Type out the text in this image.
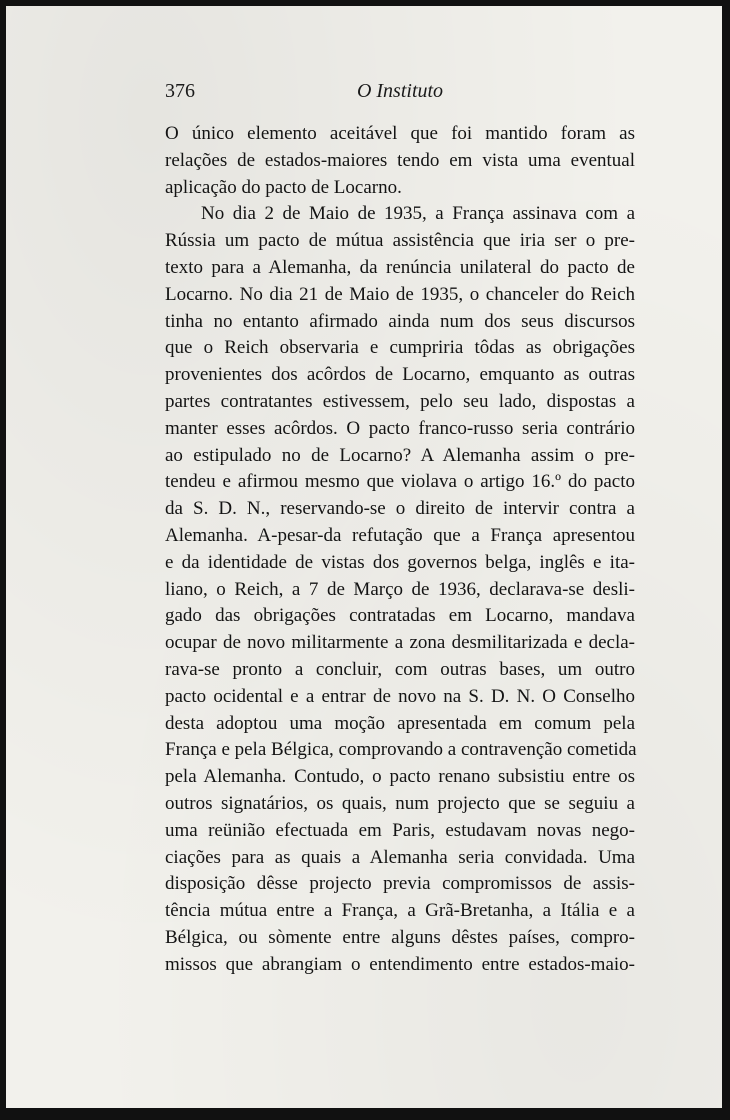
376	O Instituto
O único elemento aceitável que foi mantido foram as
relações de estados-maiores tendo em vista uma eventual
aplicação do pacto de Locarno.
No dia 2 de Maio de 1935, a França assinava com a
Rússia um pacto de mútua assistência que iria ser o pre-
texto para a Alemanha, da renúncia unilateral do pacto de
Locarno. No dia 21 de Maio de 1935, o chanceler do Reich
tinha no entanto afirmado ainda num dos seus discursos
que o Reich observaria e cumpriria tôdas as obrigações
provenientes dos acôrdos de Locarno, emquanto as outras
partes contratantes estivessem, pelo seu lado, dispostas a
manter esses acôrdos. O pacto franco-russo seria contrário
ao estipulado no de Locarno? A Alemanha assim o pre-
tendeu e afirmou mesmo que violava o artigo 16.º do pacto
da S. D. N., reservando-se o direito de intervir contra a
Alemanha. A-pesar-da refutação que a França apresentou
e da identidade de vistas dos governos belga, inglês e ita-
liano, o Reich, a 7 de Março de 1936, declarava-se desli-
gado das obrigações contratadas em Locarno, mandava
ocupar de novo militarmente a zona desmilitarizada e decla-
rava-se pronto a concluir, com outras bases, um outro
pacto ocidental e a entrar de novo na S. D. N. O Conselho
desta adoptou uma moção apresentada em comum pela
França e pela Bélgica, comprovando a contravenção cometida
pela Alemanha. Contudo, o pacto renano subsistiu entre os
outros signatários, os quais, num projecto que se seguiu a
uma reünião efectuada em Paris, estudavam novas nego-
ciações para as quais a Alemanha seria convidada. Uma
disposição dêsse projecto previa compromissos de assis-
tência mútua entre a França, a Grã-Bretanha, a Itália e a
Bélgica, ou sòmente entre alguns dêstes países, compro-
missos que abrangiam o entendimento entre estados-maio-
